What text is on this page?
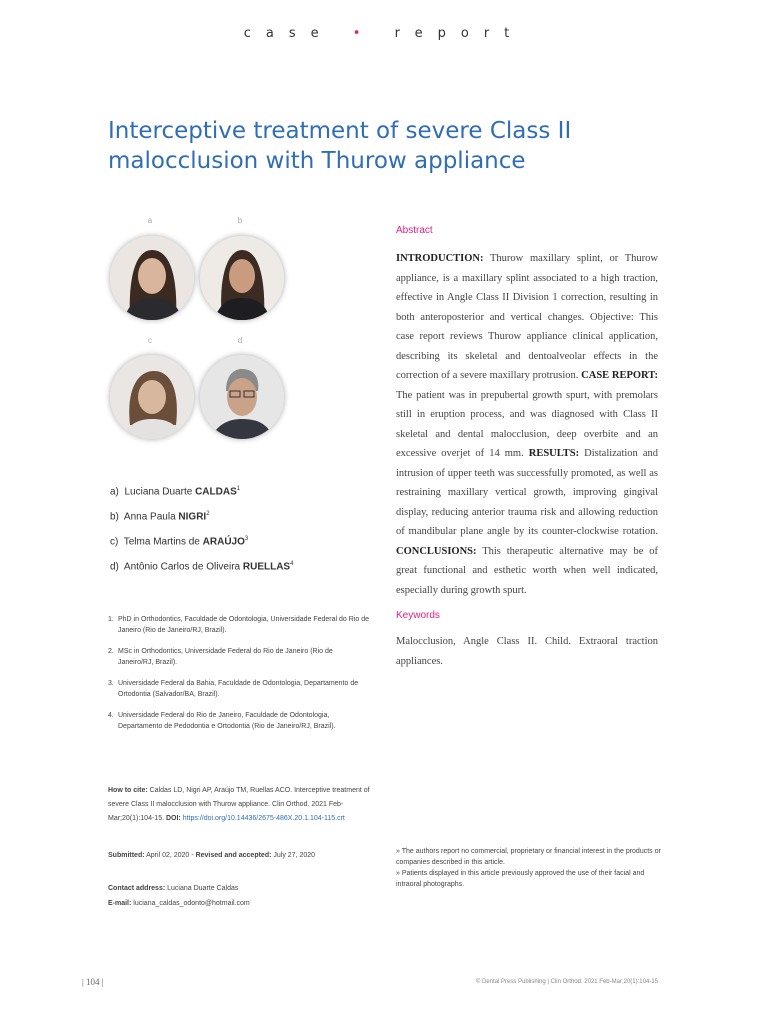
case • report
Interceptive treatment of severe Class II malocclusion with Thurow appliance
a	b
c	d
a) Luciana Duarte CALDAS$^1$
b) Anna Paula NIGRI$^2$
c) Telma Martins de ARAÚJO$^3$
d) Antônio Carlos de Oliveira RUELLAS$^4$
1. PhD in Orthodontics, Faculdade de Odontologia, Universidade Federal do Rio de Janeiro (Rio de Janeiro/RJ, Brazil).
2. MSc in Orthodontics, Universidade Federal do Rio de Janeiro (Rio de Janeiro/RJ, Brazil).
3. Universidade Federal da Bahia, Faculdade de Odontologia, Departamento de Ortodontia (Salvador/BA, Brazil).
4. Universidade Federal do Rio de Janeiro, Faculdade de Odontologia, Departamento de Pedodontia e Ortodontia (Rio de Janeiro/RJ, Brazil).
How to cite: Caldas LD, Nigri AP, Araújo TM, Ruellas ACO. Interceptive treatment of severe Class II malocclusion with Thurow appliance. Clin Orthod. 2021 Feb-Mar;20(1):104-15. DOI: https://doi.org/10.14436/2675-486X.20.1.104-115.crt
Submitted: April 02, 2020 - Revised and accepted: July 27, 2020
Contact address: Luciana Duarte Caldas
E-mail: luciana_caldas_odonto@hotmail.com
» The authors report no commercial, proprietary or financial interest in the products or companies described in this article.
» Patients displayed in this article previously approved the use of their facial and intraoral photographs.
Abstract

INTRODUCTION: Thurow maxillary splint, or Thurow appliance, is a maxillary splint associated to a high traction, effective in Angle Class II Division 1 correction, resulting in both anteroposterior and vertical changes. Objective: This case report reviews Thurow appliance clinical application, describing its skeletal and dentoalveolar effects in the correction of a severe maxillary protrusion. CASE REPORT: The patient was in prepubertal growth spurt, with premolars still in eruption process, and was diagnosed with Class II skeletal and dental malocclusion, deep overbite and an excessive overjet of 14 mm. RESULTS: Distalization and intrusion of upper teeth was successfully promoted, as well as restraining maxillary vertical growth, improving gingival display, reducing anterior trauma risk and allowing reduction of mandibular plane angle by its counter-clockwise rotation. CONCLUSIONS: This therapeutic alternative may be of great functional and esthetic worth when well indicated, especially during growth spurt.

Keywords

Malocclusion, Angle Class II. Child. Extraoral traction appliances.

| 104 |	© Dental Press Publishing | Clin Orthod. 2021 Feb-Mar;20(1):104-15
